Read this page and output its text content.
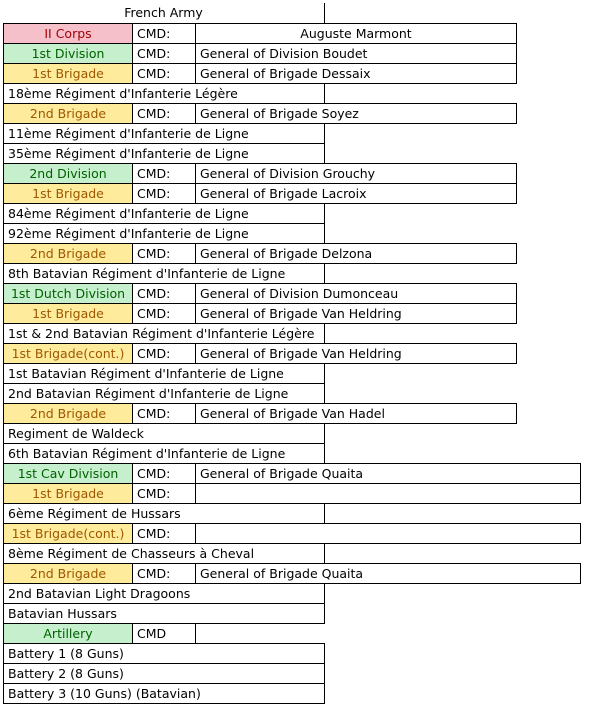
French Army
II Corps	CMD:	Auguste Marmont
1st Division	CMD:	General of Division Boudet
1st Brigade	CMD:	General of Brigade Dessaix
18ème Régiment d'Infanterie Légère
2nd Brigade	CMD:	General of Brigade Soyez
11ème Régiment d'Infanterie de Ligne
35ème Régiment d'Infanterie de Ligne
2nd Division	CMD:	General of Division Grouchy
1st Brigade	CMD:	General of Brigade Lacroix
84ème Régiment d'Infanterie de Ligne
92ème Régiment d'Infanterie de Ligne
2nd Brigade	CMD:	General of Brigade Delzona
8th Batavian Régiment d'Infanterie de Ligne
1st Dutch Division CMD:	General of Division Dumonceau
1st Brigade	CMD:	General of Brigade Van Heldring
1st & 2nd Batavian Régiment d'Infanterie Légère
1st Brigade(cont.)	CMD:	General of Brigade Van Heldring
1st Batavian Régiment d'Infanterie de Ligne
2nd Batavian Régiment d'Infanterie de Ligne
2nd Brigade	CMD:	General of Brigade Van Hadel
Regiment de Waldeck
6th Batavian Régiment d'Infanterie de Ligne
1st Cav Division	CMD:	General of Brigade Quaita
1st Brigade	CMD:
6ème Régiment de Hussars
1st Brigade(cont.)	CMD:
8ème Régiment de Chasseurs à Cheval
2nd Brigade	CMD:	General of Brigade Quaita
2nd Batavian Light Dragoons
Batavian Hussars
Artillery	CMD
Battery 1 (8 Guns)
Battery 2 (8 Guns)
Battery 3 (10 Guns) (Batavian)
